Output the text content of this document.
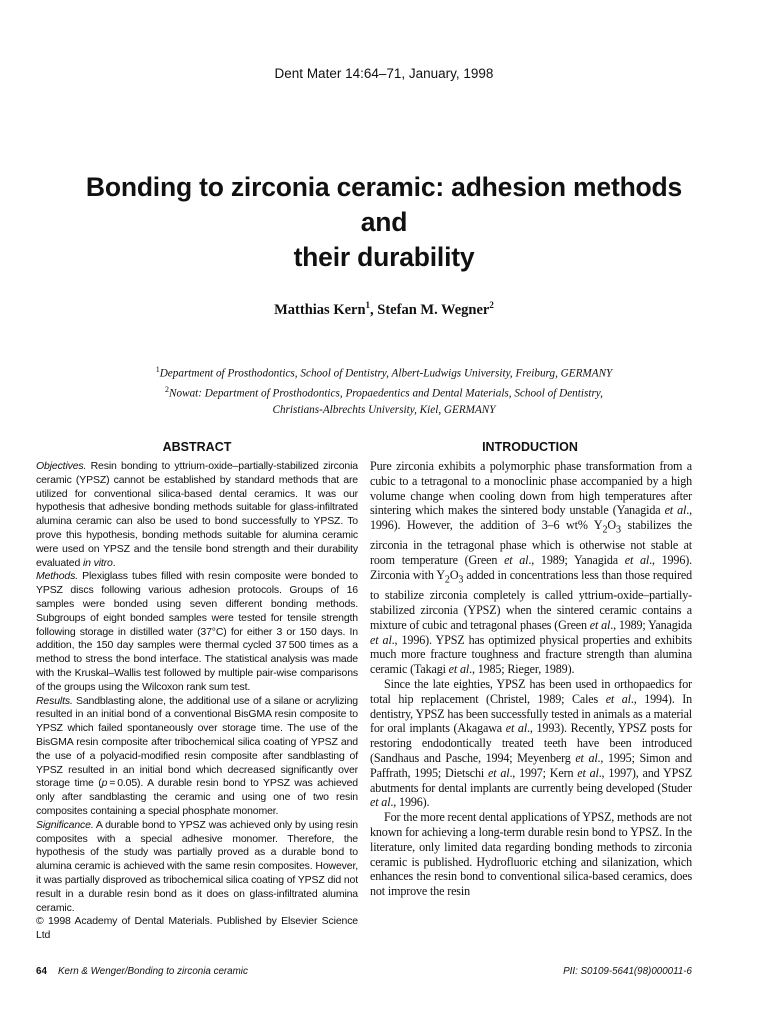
Dent Mater 14:64–71, January, 1998
Bonding to zirconia ceramic: adhesion methods and
their durability
Matthias Kern$^1$, Stefan M. Wegner$^2$
$^1$Department of Prosthodontics, School of Dentistry, Albert-Ludwigs University, Freiburg, GERMANY
$^2$Nowat: Department of Prosthodontics, Propaedentics and Dental Materials, School of Dentistry,
Christians-Albrechts University, Kiel, GERMANY
ABSTRACT	INTRODUCTION

Objectives. Resin bonding to yttrium-oxide–partially-stabilized zirconia ceramic (YPSZ) cannot be established by standard methods that are utilized for conventional silica-based dental ceramics. It was our hypothesis that adhesive bonding methods suitable for glass-infiltrated alumina ceramic can also be used to bond successfully to YPSZ. To prove this hypothesis, bonding methods suitable for alumina ceramic were used on YPSZ and the tensile bond strength and their durability evaluated in vitro.

Methods. Plexiglass tubes filled with resin composite were bonded to YPSZ discs following various adhesion protocols. Groups of 16 samples were bonded using seven different bonding methods. Subgroups of eight bonded samples were tested for tensile strength following storage in distilled water (37°C) for either 3 or 150 days. In addition, the 150 day samples were thermal cycled 37 500 times as a method to stress the bond interface. The statistical analysis was made with the Kruskal–Wallis test followed by multiple pair-wise comparisons of the groups using the Wilcoxon rank sum test.

Results. Sandblasting alone, the additional use of a silane or acrylizing resulted in an initial bond of a conventional BisGMA resin composite to YPSZ which failed spontaneously over storage time. The use of the BisGMA resin composite after tribochemical silica coating of YPSZ and the use of a polyacid-modified resin composite after sandblasting of YPSZ resulted in an initial bond which decreased significantly over storage time (p = 0.05). A durable resin bond to YPSZ was achieved only after sandblasting the ceramic and using one of two resin composites containing a special phosphate monomer.

Significance. A durable bond to YPSZ was achieved only by using resin composites with a special adhesive monomer. Therefore, the hypothesis of the study was partially proved as a durable bond to alumina ceramic is achieved with the same resin composites. However, it was partially disproved as tribochemical silica coating of YPSZ did not result in a durable resin bond as it does on glass-infiltrated alumina ceramic.

© 1998 Academy of Dental Materials. Published by Elsevier Science Ltd

Pure zirconia exhibits a polymorphic phase transformation from a cubic to a tetragonal to a monoclinic phase accompanied by a high volume change when cooling down from high temperatures after sintering which makes the sintered body unstable (Yanagida et al., 1996). However, the addition of 3–6 wt% $Y_2O_3$ stabilizes the zirconia in the tetragonal phase which is otherwise not stable at room temperature (Green et al., 1989; Yanagida et al., 1996). Zirconia with $Y_2O_3$ added in concentrations less than those required to stabilize zirconia completely is called yttrium-oxide–partially-stabilized zirconia (YPSZ) when the sintered ceramic contains a mixture of cubic and tetragonal phases (Green et al., 1989; Yanagida et al., 1996). YPSZ has optimized physical properties and exhibits much more fracture toughness and fracture strength than alumina ceramic (Takagi et al., 1985; Rieger, 1989).

Since the late eighties, YPSZ has been used in orthopaedics for total hip replacement (Christel, 1989; Cales et al., 1994). In dentistry, YPSZ has been successfully tested in animals as a material for oral implants (Akagawa et al., 1993). Recently, YPSZ posts for restoring endodontically treated teeth have been introduced (Sandhaus and Pasche, 1994; Meyenberg et al., 1995; Simon and Paffrath, 1995; Dietschi et al., 1997; Kern et al., 1997), and YPSZ abutments for dental implants are currently being developed (Studer et al., 1996).

For the more recent dental applications of YPSZ, methods are not known for achieving a long-term durable resin bond to YPSZ. In the literature, only limited data regarding bonding methods to zirconia ceramic is published. Hydrofluoric etching and silanization, which enhances the resin bond to conventional silica-based ceramics, does not improve the resin

64 Kern & Wenger/Bonding to zirconia ceramic	PII: S0109-5641(98)000011-6
